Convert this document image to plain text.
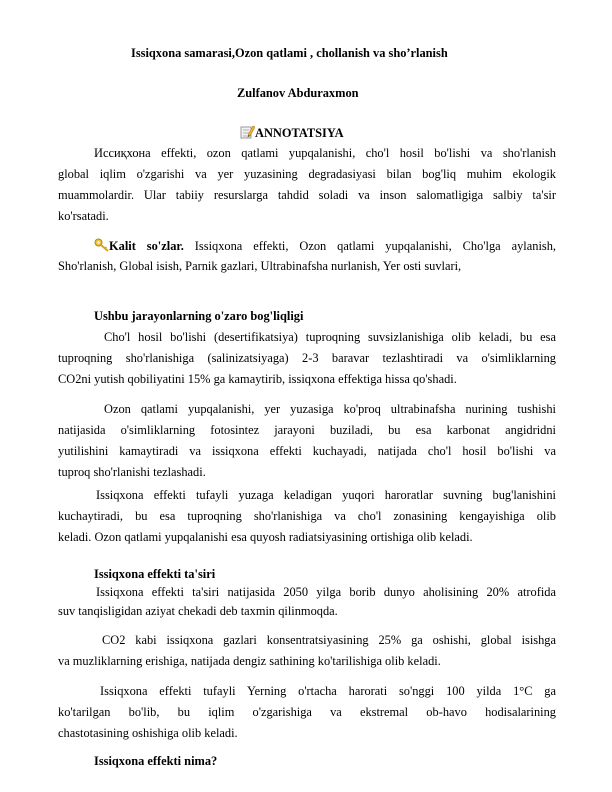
Issiqxona samarasi,Ozon qatlami , chollanish va sho’rlanish
Zulfanov Abduraxmon
ANNOTATSIYA
Иссиқхона effekti, ozon qatlami yupqalanishi, cho'l hosil bo'lishi va sho'rlanish
global iqlim o'zgarishi va yer yuzasining degradasiyasi bilan bog'liq muhim ekologik
muammolardir. Ular tabiiy resurslarga tahdid soladi va inson salomatligiga salbiy ta'sir
ko'rsatadi.
Kalit so'zlar. Issiqxona effekti, Ozon qatlami yupqalanishi, Cho'lga aylanish,
Sho'rlanish, Global isish, Parnik gazlari, Ultrabinafsha nurlanish, Yer osti suvlari,
Ushbu jarayonlarning o'zaro bog'liqligi
Cho'l hosil bo'lishi (desertifikatsiya) tuproqning suvsizlanishiga olib keladi, bu esa
tuproqning sho'rlanishiga (salinizatsiyaga) 2-3 baravar tezlashtiradi va o'simliklarning
CO2ni yutish qobiliyatini 15% ga kamaytirib, issiqxona effektiga hissa qo'shadi.
Ozon qatlami yupqalanishi, yer yuzasiga ko'proq ultrabinafsha nurining tushishi
natijasida o'simliklarning fotosintez jarayoni buziladi, bu esa karbonat angidridni
yutilishini kamaytiradi va issiqxona effekti kuchayadi, natijada cho'l hosil bo'lishi va
tuproq sho'rlanishi tezlashadi.
Issiqxona effekti tufayli yuzaga keladigan yuqori haroratlar suvning bug'lanishini
kuchaytiradi, bu esa tuproqning sho'rlanishiga va cho'l zonasining kengayishiga olib
keladi. Ozon qatlami yupqalanishi esa quyosh radiatsiyasining ortishiga olib keladi.
Issiqxona effekti ta'siri
Issiqxona effekti ta'siri natijasida 2050 yilga borib dunyo aholisining 20% atrofida
suv tanqisligidan aziyat chekadi deb taxmin qilinmoqda.
CO2 kabi issiqxona gazlari konsentratsiyasining 25% ga oshishi, global isishga
va muzliklarning erishiga, natijada dengiz sathining ko'tarilishiga olib keladi.
Issiqxona effekti tufayli Yerning o'rtacha harorati so'nggi 100 yilda 1°C ga
ko'tarilgan bo'lib, bu iqlim o'zgarishiga va ekstremal ob-havo hodisalarining
chastotasining oshishiga olib keladi.
Issiqxona effekti nima?
